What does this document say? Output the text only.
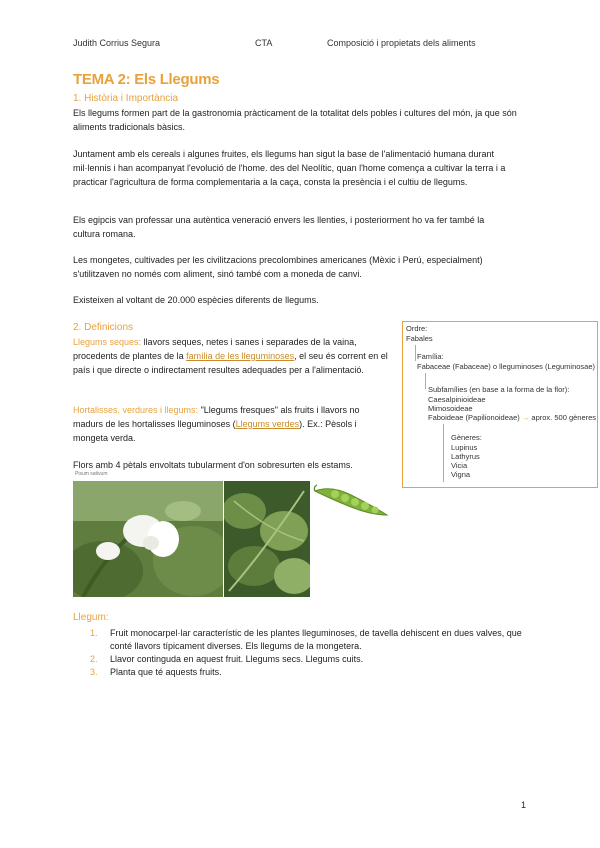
Judith Corrius Segura	CTA	Composició i propietats dels aliments
TEMA 2: Els Llegums
1. Història i Importància
Els llegums formen part de la gastronomia pràcticament de la totalitat dels pobles i cultures del món, ja que són aliments tradicionals bàsics.
Juntament amb els cereals i algunes fruites, els llegums han sigut la base de l'alimentació humana durant mil·lennis i han acompanyat l'evolució de l'home. des del Neolític, quan l'home comença a cultivar la terra i a practicar l'agricultura de forma complementaria a la caça, consta la presència i el cultiu de llegums.
Els egipcis van professar una autèntica veneració envers les llenties, i posteriorment ho va fer també la cultura romana.
Les mongetes, cultivades per les civilitzacions precolombines americanes (Mèxic i Perú, especialment) s'utilitzaven no només com aliment, sinó també com a moneda de canvi.
Existeixen al voltant de 20.000 espècies diferents de llegums.
2. Definicions
Llegums seques: llavors seques, netes i sanes i separades de la vaina, procedents de plantes de la família de les lleguminoses, el seu és corrent en el país i que directe o indirectament resultes adequades per a l'alimentació.
Hortalisses, verdures i llegums: "Llegums fresques" als fruits i llavors no madurs de les hortalisses lleguminoses (Llegums verdes). Ex.: Pèsols i mongeta verda.
Flors amb 4 pètals envoltats tubularment d'on sobresurten els estams.
Pisum sativum
Ordre:
Fabales
Família:
Fabaceae (Fabaceae) o lleguminoses (Leguminosae)
Subfamílies (en base a la forma de la flor):
Caesalpinioideae
Mimosoideae
Faboideae (Papilionoideae) → aprox. 500 gèneres
Gèneres:
Lupinus
Lathyrus
Vicia
Vigna
Llegum:
1. Fruit monocarpel·lar característic de les plantes lleguminoses, de tavella dehiscent en dues valves, que conté llavors típicament diverses. Els llegums de la mongetera.
2. Llavor continguda en aquest fruit. Llegums secs. Llegums cuits.
3. Planta que té aquests fruits.
1
